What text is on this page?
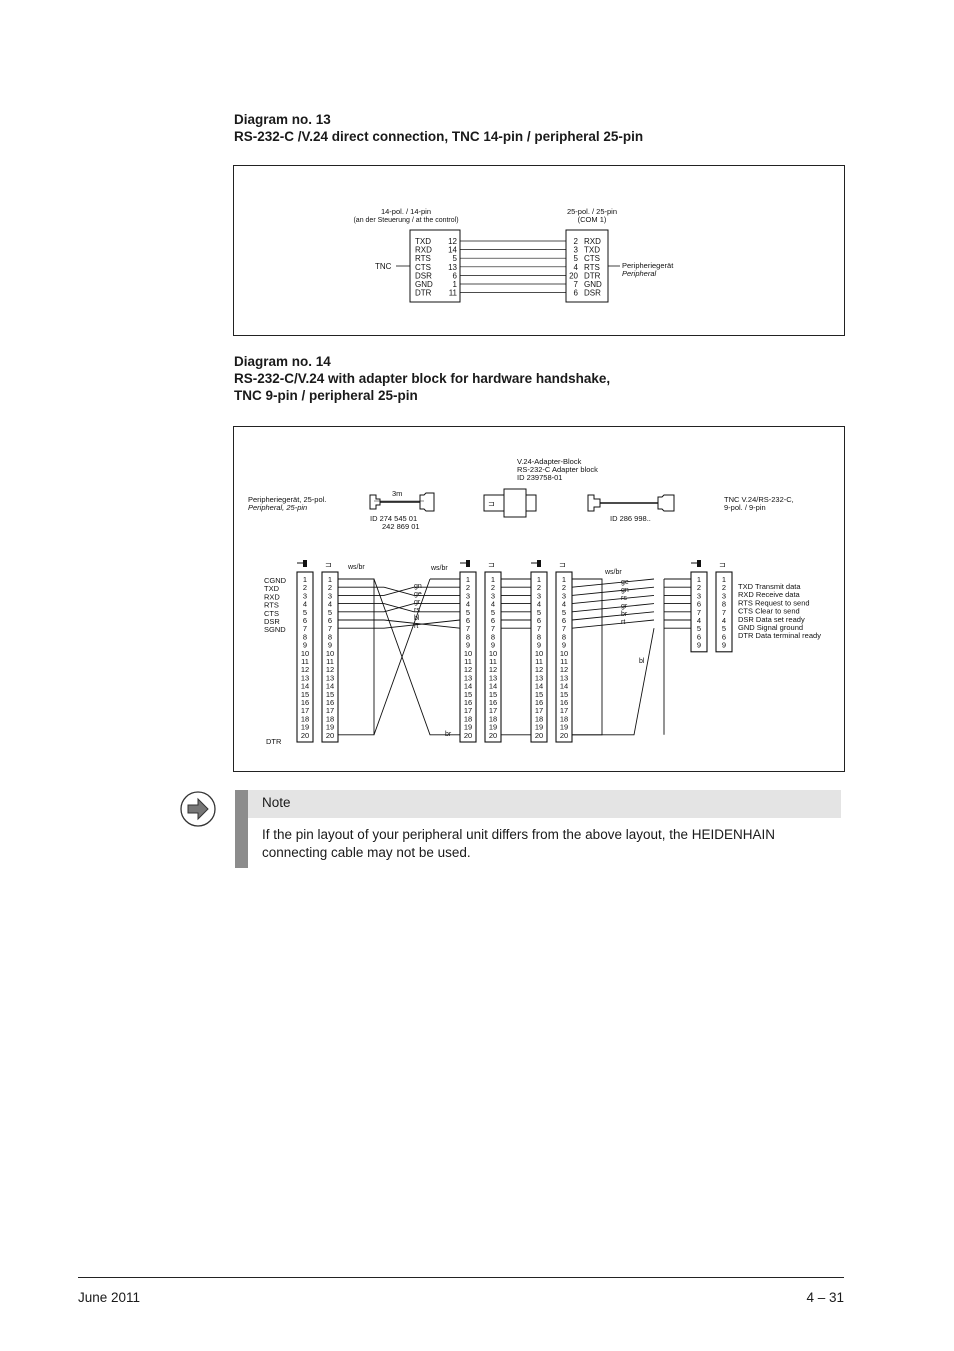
Diagram no. 13
RS-232-C /V.24 direct connection, TNC 14-pin / peripheral 25-pin
14-pol. / 14-pin
(an der Steuerung / at the control)
25-pol. / 25-pin
(COM 1)
TNC	Peripheriegerät
Peripheral
TXD 12	2 RXD
RXD 14	3 TXD
RTS	5	5 CTS
CTS 13	4 RTS
DSR	6	20 DTR
GND 1	7 GND
DTR 11	6 DSR
Diagram no. 14
RS-232-C/V.24 with adapter block for hardware handshake,
TNC 9-pin / peripheral 25-pin
V.24-Adapter-Block
RS-232-C Adapter block
ID 239758-01
Peripheriegerät, 25-pol.
Peripheral, 25-pin
3m
ID 274 545 01
242 869 01
⊐
ID 286 998..
TNC V.24/RS-232-C,
9-pol. / 9-pin
CGND
TXD
RXD
RTS
CTS
DSR
SGND
DTR
1
2
3
4
5
6
7
8
9
10
11
12
13
14
15
16
17
18
19
20
⊐
1
2
3
4
5
6
7
8
9
10
11
12
13
14
15
16
17
18
19
20
1
2
3
4
5
6
7
8
9
10
11
12
13
14
15
16
17
18
19
20
⊐
1
2
3
4
5
6
7
8
9
10
11
12
13
14
15
16
17
18
19
20
1
2
3
4
5
6
7
8
9
10
11
12
13
14
15
16
17
18
19
20
⊐
1
2
3
4
5
6
7
8
9
10
11
12
13
14
15
16
17
18
19
20
1
2
3
6
7
4
5
6
9
⊐
1
2
3
8
7
4
5
6
9
ws/br	ws/br
ws/br
gn
ge
gr
rs
bl
rt
ge
gn
rs
gr
br
rt
br
bl
TXD Transmit data
RXD Receive data
RTS Request to send
CTS Clear to send
DSR Data set ready
GND Signal ground
DTR Data terminal ready
Note
If the pin layout of your peripheral unit differs from the above layout, the HEIDENHAIN connecting cable may not be used.
June 2011	4 – 31
